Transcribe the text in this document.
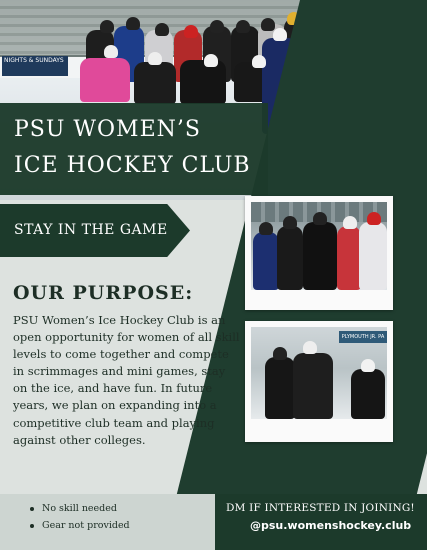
NIGHTS & SUNDAYS
PSU WOMEN’S
ICE HOCKEY CLUB
STAY IN THE GAME
PLYMOUTH JR. PA
OUR PURPOSE:

PSU Women’s Ice Hockey Club is an open opportunity for women of all skill levels to come together and compete in scrimmages and mini games, stay on the ice, and have fun. In future years, we plan on expanding into a competitive club team and playing against other colleges.

No skill needed
Gear not provided
DM IF INTERESTED IN JOINING!
@psu.womenshockey.club
